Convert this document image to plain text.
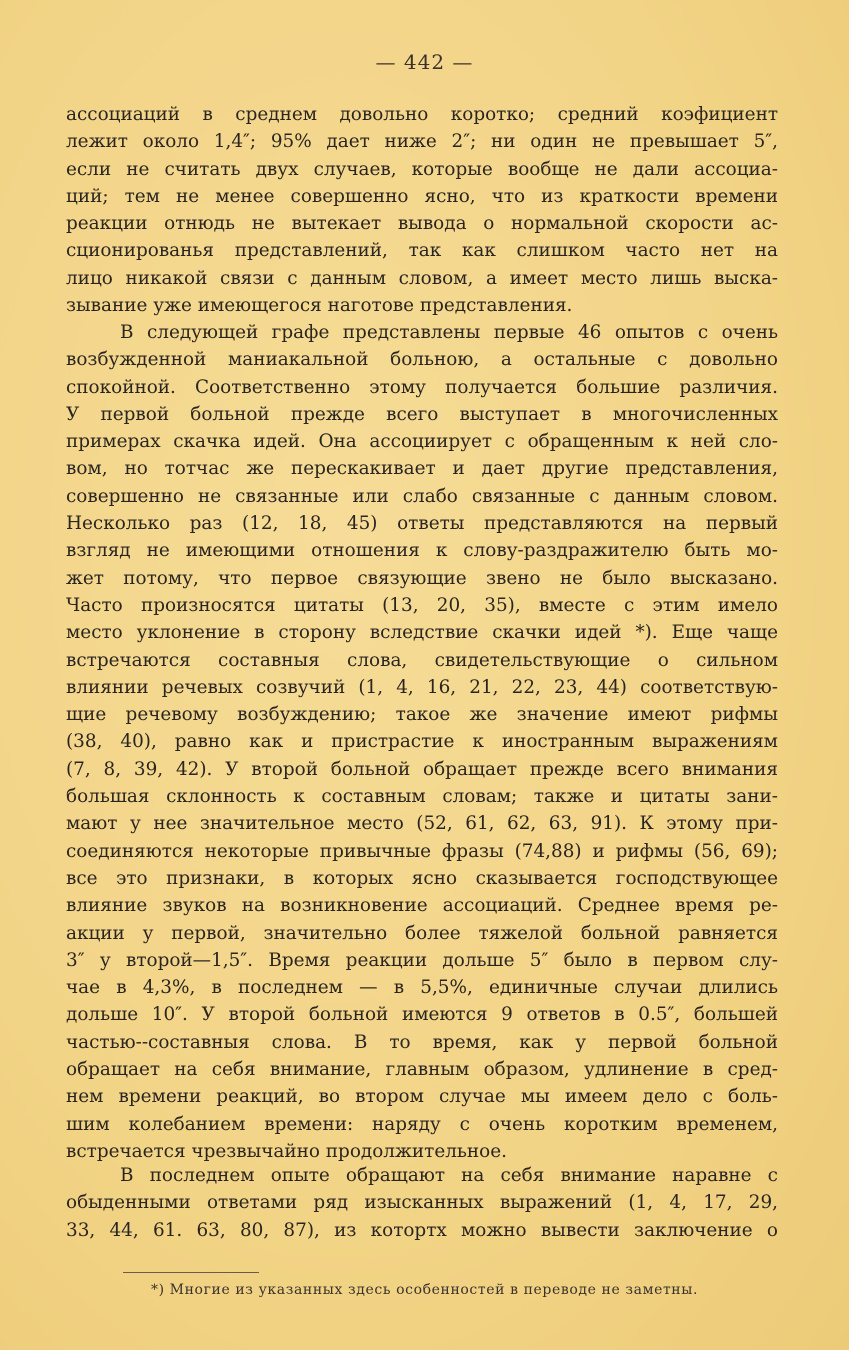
— 442 —
ассоциаций в среднем довольно коротко; средний коэфициент
лежит около 1,4″; 95% дает ниже 2″; ни один не превышает 5″,
если не считать двух случаев, которые вообще не дали ассоциа-
ций; тем не менее совершенно ясно, что из краткости времени
реакции отнюдь не вытекает вывода о нормальной скорости ас-
сционированья представлений, так как слишком часто нет на
лицо никакой связи с данным словом, а имеет место лишь выска-
зывание уже имеющегося наготове представления.
В следующей графе представлены первые 46 опытов с очень
возбужденной маниакальной больною, а остальные с довольно
спокойной. Соответственно этому получается большие различия.
У первой больной прежде всего выступает в многочисленных
примерах скачка идей. Она ассоциирует с обращенным к ней сло-
вом, но тотчас же перескакивает и дает другие представления,
совершенно не связанные или слабо связанные с данным словом.
Несколько раз (12, 18, 45) ответы представляются на первый
взгляд не имеющими отношения к слову-раздражителю быть мо-
жет потому, что первое связующие звено не было высказано.
Часто произносятся цитаты (13, 20, 35), вместе с этим имело
место уклонение в сторону вследствие скачки идей *). Еще чаще
встречаются составныя слова, свидетельствующие о сильном
влиянии речевых созвучий (1, 4, 16, 21, 22, 23, 44) соответствую-
щие речевому возбуждению; такое же значение имеют рифмы
(38, 40), равно как и пристрастие к иностранным выражениям
(7, 8, 39, 42). У второй больной обращает прежде всего внимания
большая склонность к составным словам; также и цитаты зани-
мают у нее значительное место (52, 61, 62, 63, 91). К этому при-
соединяются некоторые привычные фразы (74,88) и рифмы (56, 69);
все это признаки, в которых ясно сказывается господствующее
влияние звуков на возникновение ассоциаций. Среднее время ре-
акции у первой, значительно более тяжелой больной равняется
3″ у второй—1,5″. Время реакции дольше 5″ было в первом слу-
чае в 4,3%, в последнем — в 5,5%, единичные случаи длились
дольше 10″. У второй больной имеются 9 ответов в 0.5″, большей
частью--составныя слова. В то время, как у первой больной
обращает на себя внимание, главным образом, удлинение в сред-
нем времени реакций, во втором случае мы имеем дело с боль-
шим колебанием времени: наряду с очень коротким временем,
встречается чрезвычайно продолжительное.
В последнем опыте обращают на себя внимание наравне с
обыденными ответами ряд изысканных выражений (1, 4, 17, 29,
33, 44, 61. 63, 80, 87), из котортх можно вывести заключение о
*) Многие из указанных здесь особенностей в переводе не заметны.
